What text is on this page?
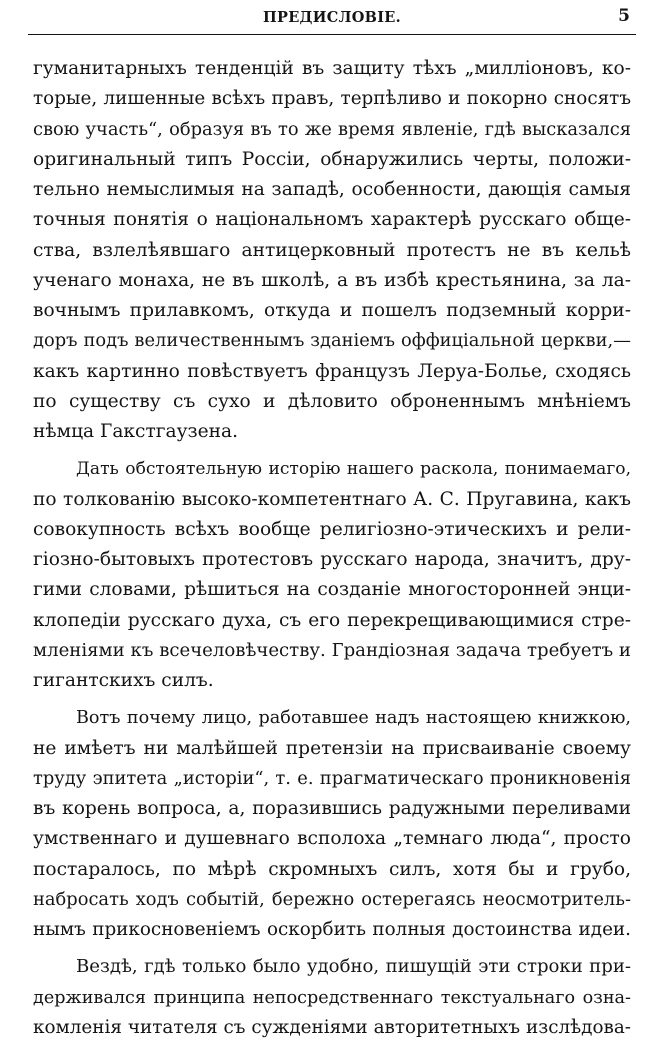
ПРЕДИСЛОВІЕ.	5
гуманитарныхъ тенденцій въ защиту тѣхъ „милліоновъ, ко-
торые, лишенные всѣхъ правъ, терпѣливо и покорно сносятъ
свою участь“, образуя въ то же время явленіе, гдѣ высказался
оригинальный типъ Россіи, обнаружились черты, положи-
тельно немыслимыя на западѣ, особенности, дающія самыя
точныя понятія о національномъ характерѣ русскаго обще-
ства, взлелѣявшаго антицерковный протестъ не въ кельѣ
ученаго монаха, не въ школѣ, а въ избѣ крестьянина, за ла-
вочнымъ прилавкомъ, откуда и пошелъ подземный корри-
доръ подъ величественнымъ зданіемъ оффиціальной церкви,—
какъ картинно повѣствуетъ французъ Леруа-Болье, сходясь
по существу съ сухо и дѣловито оброненнымъ мнѣніемъ
нѣмца Гакстгаузена.
Дать обстоятельную исторію нашего раскола, понимаемаго,
по толкованію высоко-компетентнаго А. С. Пругавина, какъ
совокупность всѣхъ вообще религіозно-этическихъ и рели-
гіозно-бытовыхъ протестовъ русскаго народа, значитъ, дру-
гими словами, рѣшиться на созданіе многосторонней энци-
клопедіи русскаго духа, съ его перекрещивающимися стре-
мленіями къ всечеловѣчеству. Грандіозная задача требуетъ и
гигантскихъ силъ.
Вотъ почему лицо, работавшее надъ настоящею книжкою,
не имѣетъ ни малѣйшей претензіи на присваиваніе своему
труду эпитета „исторіи“, т. е. прагматическаго проникновенія
въ корень вопроса, а, поразившись радужными переливами
умственнаго и душевнаго всполоха „темнаго люда“, просто
постаралось, по мѣрѣ скромныхъ силъ, хотя бы и грубо,
набросать ходъ событій, бережно остерегаясь неосмотритель-
нымъ прикосновеніемъ оскорбить полныя достоинства идеи.
Вездѣ, гдѣ только было удобно, пишущій эти строки при-
держивался принципа непосредственнаго текстуальнаго озна-
комленія читателя съ сужденіями авторитетныхъ изслѣдова-
